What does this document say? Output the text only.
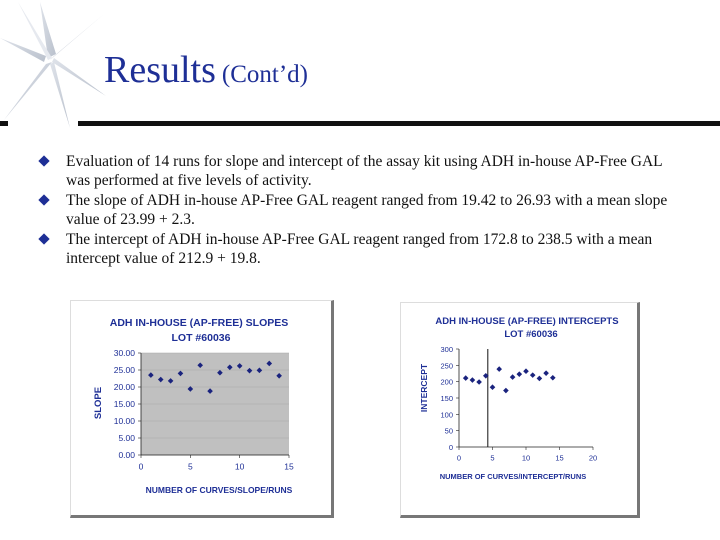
Results (Cont’d)
Evaluation of 14 runs for slope and intercept of the assay kit using ADH in-house AP-Free GAL was performed at five levels of activity.
The slope of ADH in-house AP-Free GAL reagent ranged from 19.42 to 26.93 with a mean slope value of 23.99 + 2.3.
The intercept of ADH in-house AP-Free GAL reagent ranged from 172.8 to 238.5 with a mean intercept value of 212.9 + 19.8.
ADH IN-HOUSE (AP-FREE) SLOPES
LOT #60036
SLOPE
NUMBER OF CURVES/SLOPE/RUNS
0.00
5.00
10.00
15.00
20.00
25.00
30.00
0	5	10	15
ADH IN-HOUSE (AP-FREE) INTERCEPTS
LOT #60036
INTERCEPT
NUMBER OF CURVES/INTERCEPT/RUNS
0
50
100
150
200
250
300
0	5	10	15	20
